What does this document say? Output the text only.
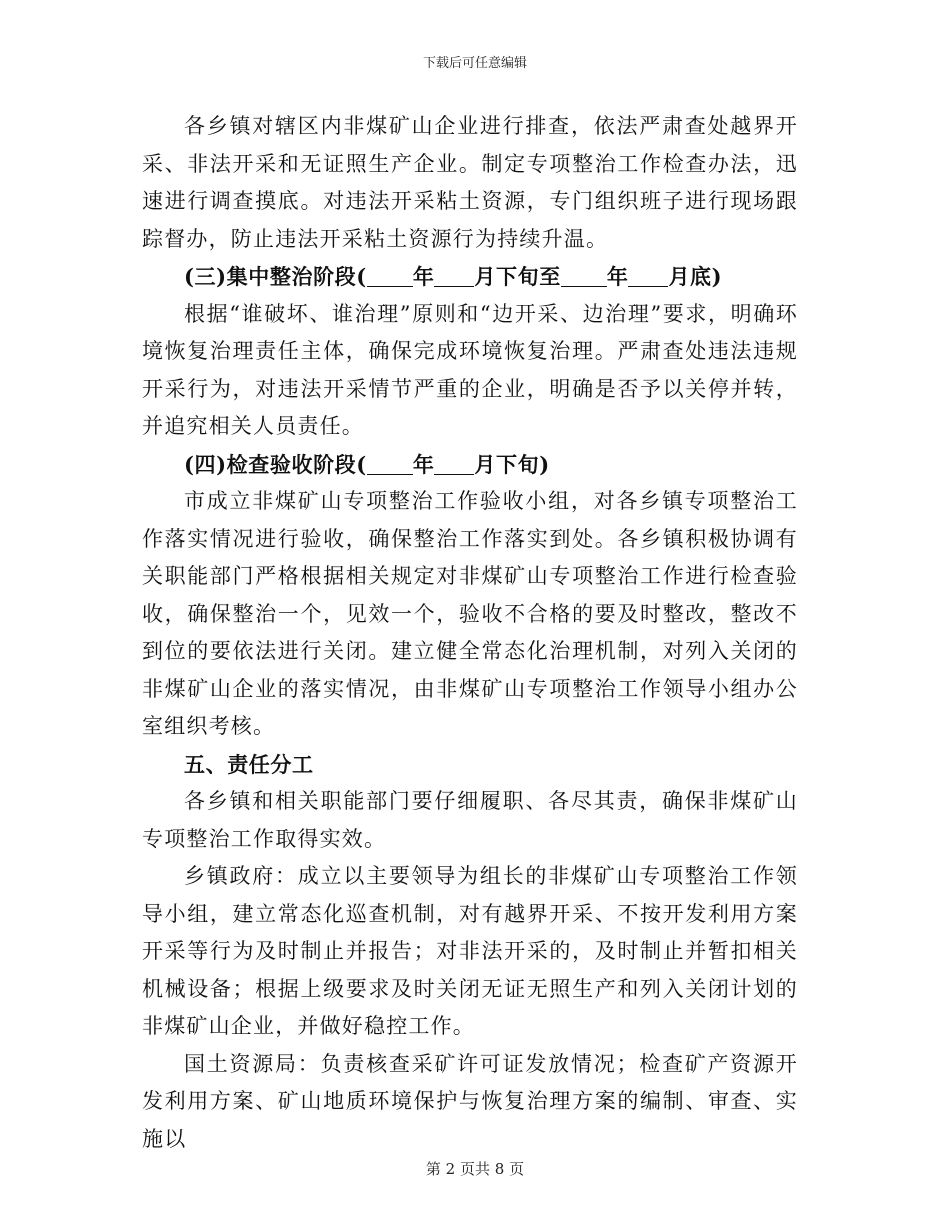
下载后可任意编辑

各乡镇对辖区内非煤矿山企业进行排查，依法严肃查处越界开采、非法开采和无证照生产企业。制定专项整治工作检查办法，迅速进行调查摸底。对违法开采粘土资源，专门组织班子进行现场跟踪督办，防止违法开采粘土资源行为持续升温。

(三)集中整治阶段( 年 月下旬至 年 月底)

根据“谁破坏、谁治理”原则和“边开采、边治理”要求，明确环境恢复治理责任主体，确保完成环境恢复治理。严肃查处违法违规开采行为，对违法开采情节严重的企业，明确是否予以关停并转，并追究相关人员责任。

(四)检查验收阶段( 年 月下旬)

市成立非煤矿山专项整治工作验收小组，对各乡镇专项整治工作落实情况进行验收，确保整治工作落实到处。各乡镇积极协调有关职能部门严格根据相关规定对非煤矿山专项整治工作进行检查验收，确保整治一个，见效一个，验收不合格的要及时整改，整改不到位的要依法进行关闭。建立健全常态化治理机制，对列入关闭的非煤矿山企业的落实情况，由非煤矿山专项整治工作领导小组办公室组织考核。

五、责任分工

各乡镇和相关职能部门要仔细履职、各尽其责，确保非煤矿山专项整治工作取得实效。

乡镇政府：成立以主要领导为组长的非煤矿山专项整治工作领导小组，建立常态化巡查机制，对有越界开采、不按开发利用方案开采等行为及时制止并报告；对非法开采的，及时制止并暂扣相关机械设备；根据上级要求及时关闭无证无照生产和列入关闭计划的非煤矿山企业，并做好稳控工作。

国土资源局：负责核查采矿许可证发放情况；检查矿产资源开发利用方案、矿山地质环境保护与恢复治理方案的编制、审查、实施以

第 2 页共 8 页
